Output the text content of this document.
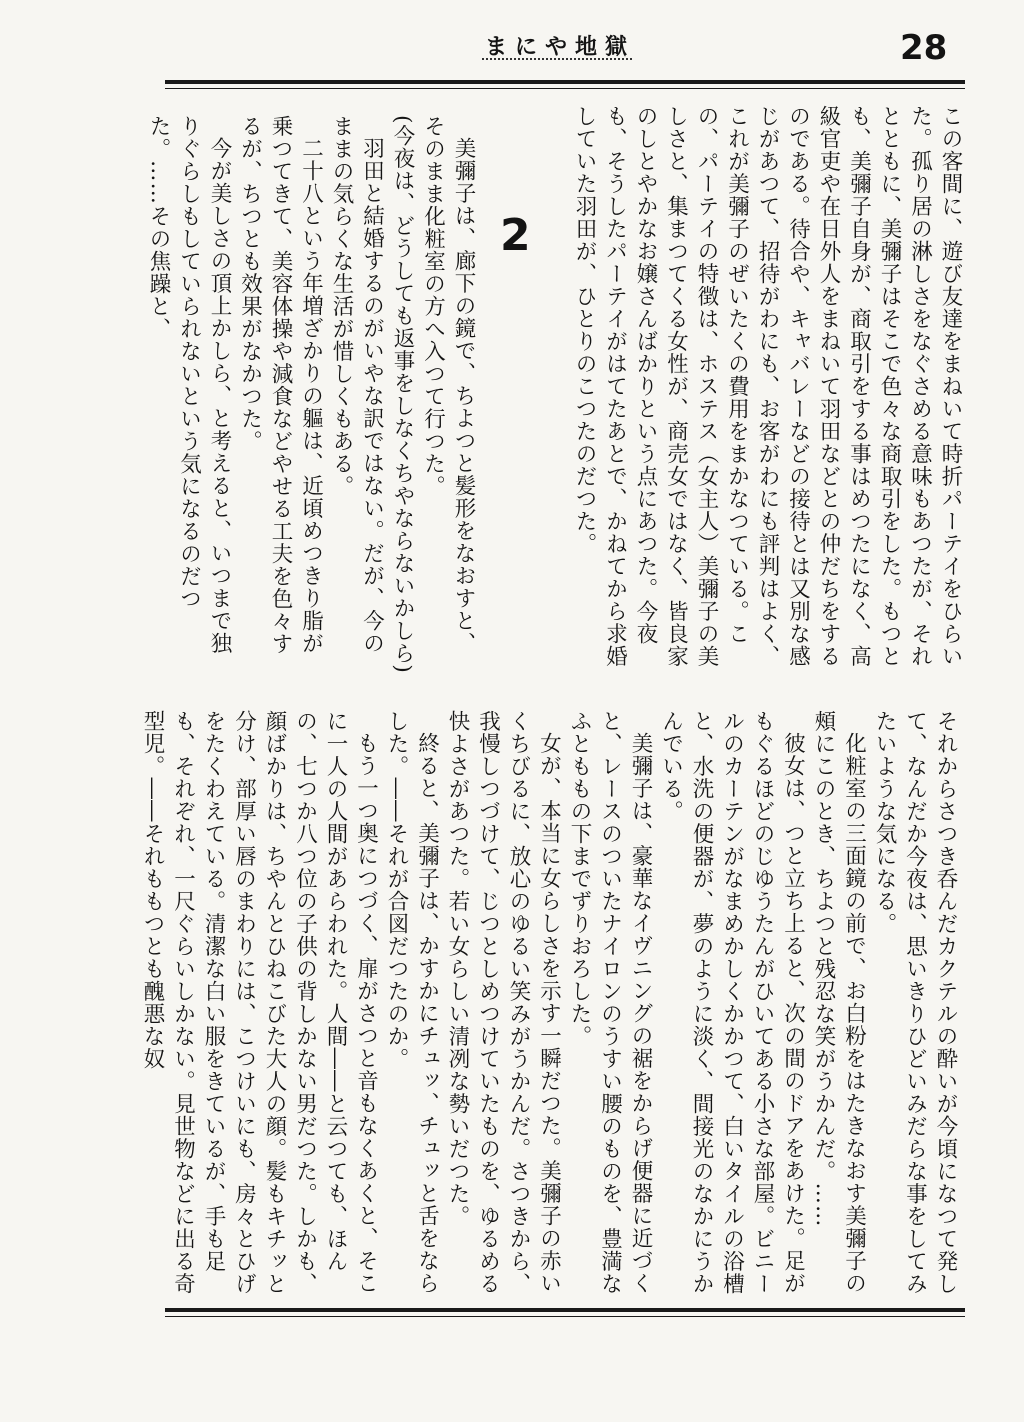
まにや地獄	28

この客間に、遊び友達をまねいて時折パーテイをひらいた。孤り居の淋しさをなぐさめる意味もあつたが、それとともに、美彌子はそこで色々な商取引をした。もつとも、美彌子自身が、商取引をする事はめつたになく、高級官吏や在日外人をまねいて羽田などとの仲だちをするのである。待合や、キャバレーなどの接待とは又別な感じがあつて、招待がわにも、お客がわにも評判はよく、これが美彌子のぜいたくの費用をまかなつている。この、パーテイの特徴は、ホステス（女主人）美彌子の美しさと、集まつてくる女性が、商売女ではなく、皆良家のしとやかなお嬢さんばかりという点にあつた。今夜も、そうしたパーテイがはてたあとで、かねてから求婚していた羽田が、ひとりのこつたのだつた。

2

美彌子は、廊下の鏡で、ちよつと髪形をなおすと、そのまま化粧室の方へ入つて行つた。

(今夜は、どうしても返事をしなくちやならないかしら)

羽田と結婚するのがいやな訳ではない。だが、今のままの気らくな生活が惜しくもある。

二十八という年増ざかりの軀は、近頃めつきり脂が乗つてきて、美容体操や減食などやせる工夫を色々するが、ちつとも效果がなかつた。

今が美しさの頂上かしら、と考えると、いつまで独りぐらしもしていられないという気になるのだつた。……その焦躁と、

それからさつき呑んだカクテルの酔いが今頃になつて発して、なんだか今夜は、思いきりひどいみだらな事をしてみたいような気になる。

化粧室の三面鏡の前で、お白粉をはたきなおす美彌子の頰にこのとき、ちよつと残忍な笑がうかんだ。……

彼女は、つと立ち上ると、次の間のドアをあけた。足がもぐるほどのじゆうたんがひいてある小さな部屋。ビニールのカーテンがなまめかしくかかつて、白いタイルの浴槽と、水洗の便器が、夢のように淡く、間接光のなかにうかんでいる。

美彌子は、豪華なイヴニングの裾をからげ便器に近づくと、レースのついたナイロンのうすい腰のものを、豊満なふとももの下までずりおろした。

女が、本当に女らしさを示す一瞬だつた。美彌子の赤いくちびるに、放心のゆるい笑みがうかんだ。さつきから、我慢しつづけて、じつとしめつけていたものを、ゆるめる快よさがあつた。若い女らしい清冽な勢いだつた。

終ると、美彌子は、かすかにチュッ、チュッと舌をならした。――それが合図だつたのか。

もう一つ奥につづく、扉がさつと音もなくあくと、そこに一人の人間があらわれた。人間――と云つても、ほんの、七つか八つ位の子供の背しかない男だつた。しかも、顔ばかりは、ちやんとひねこびた大人の顔。髪もキチッと分け、部厚い唇のまわりには、こつけいにも、房々とひげをたくわえている。清潔な白い服をきているが、手も足も、それぞれ、一尺ぐらいしかない。見世物などに出る奇型児。――それももつとも醜悪な奴
